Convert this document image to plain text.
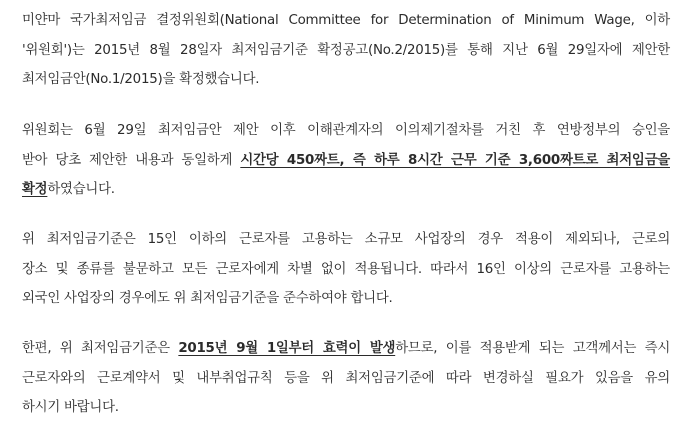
미얀마 국가최저임금 결정위원회(National Committee for Determination of Minimum Wage, 이하
'위원회')는 2015년 8월 28일자 최저임금기준 확정공고(No.2/2015)를 통해 지난 6월 29일자에 제안한
최저임금안(No.1/2015)을 확정했습니다.

위원회는 6월 29일 최저임금안 제안 이후 이해관계자의 이의제기절차를 거친 후 연방정부의 승인을
받아 당초 제안한 내용과 동일하게 시간당 450짜트, 즉 하루 8시간 근무 기준 3,600짜트로 최저임금을
확정하였습니다.

위 최저임금기준은 15인 이하의 근로자를 고용하는 소규모 사업장의 경우 적용이 제외되나, 근로의
장소 및 종류를 불문하고 모든 근로자에게 차별 없이 적용됩니다. 따라서 16인 이상의 근로자를 고용하는
외국인 사업장의 경우에도 위 최저임금기준을 준수하여야 합니다.

한편, 위 최저임금기준은 2015년 9월 1일부터 효력이 발생하므로, 이를 적용받게 되는 고객께서는 즉시
근로자와의 근로계약서 및 내부취업규칙 등을 위 최저임금기준에 따라 변경하실 필요가 있음을 유의
하시기 바랍니다.
